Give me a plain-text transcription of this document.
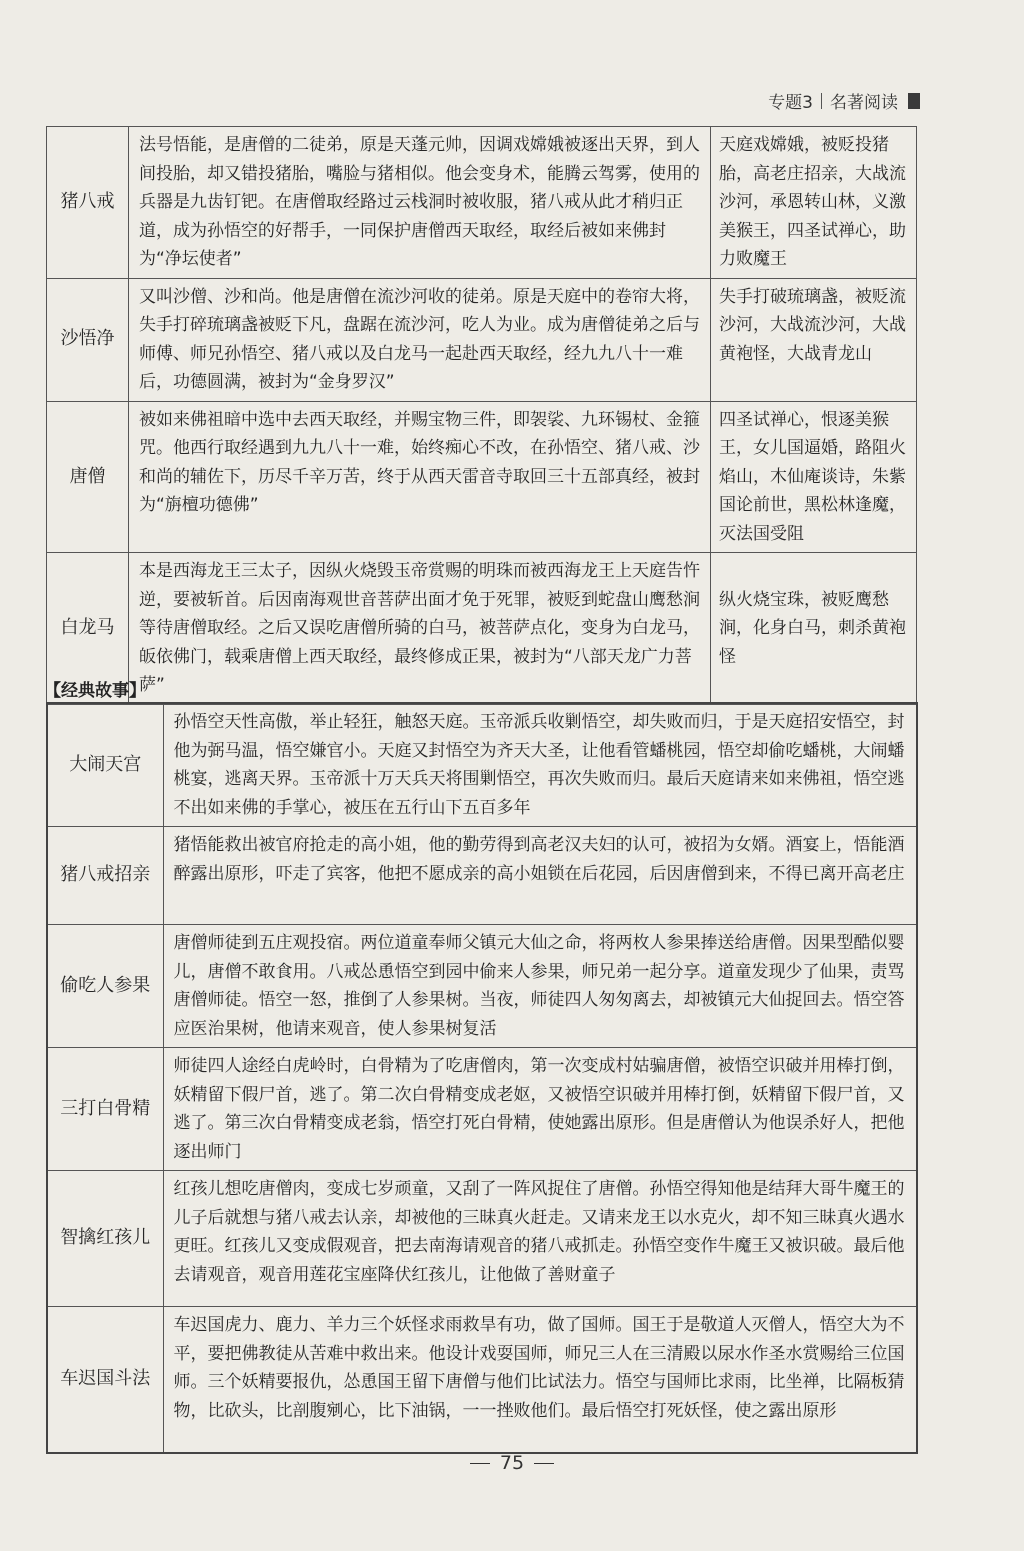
专题3 名著阅读
猪八戒	法号悟能，是唐僧的二徒弟，原是天蓬元帅，因调戏嫦娥被逐出天界，到人间投胎，却又错投猪胎，嘴脸与猪相似。他会变身术，能腾云驾雾，使用的兵器是九齿钉钯。在唐僧取经路过云栈洞时被收服，猪八戒从此才稍归正道，成为孙悟空的好帮手，一同保护唐僧西天取经，取经后被如来佛封为“净坛使者”	天庭戏嫦娥，被贬投猪胎，高老庄招亲，大战流沙河，承恩转山林，义激美猴王，四圣试禅心，助力败魔王
沙悟净	又叫沙僧、沙和尚。他是唐僧在流沙河收的徒弟。原是天庭中的卷帘大将，失手打碎琉璃盏被贬下凡，盘踞在流沙河，吃人为业。成为唐僧徒弟之后与师傅、师兄孙悟空、猪八戒以及白龙马一起赴西天取经，经九九八十一难后，功德圆满，被封为“金身罗汉”	失手打破琉璃盏，被贬流沙河，大战流沙河，大战黄袍怪，大战青龙山
唐僧	被如来佛祖暗中选中去西天取经，并赐宝物三件，即袈裟、九环锡杖、金箍咒。他西行取经遇到九九八十一难，始终痴心不改，在孙悟空、猪八戒、沙和尚的辅佐下，历尽千辛万苦，终于从西天雷音寺取回三十五部真经，被封为“旃檀功德佛”	四圣试禅心，恨逐美猴王，女儿国逼婚，路阻火焰山，木仙庵谈诗，朱紫国论前世，黑松林逢魔，灭法国受阻
白龙马	本是西海龙王三太子，因纵火烧毁玉帝赏赐的明珠而被西海龙王上天庭告忤逆，要被斩首。后因南海观世音菩萨出面才免于死罪，被贬到蛇盘山鹰愁涧等待唐僧取经。之后又误吃唐僧所骑的白马，被菩萨点化，变身为白龙马，皈依佛门，载乘唐僧上西天取经，最终修成正果，被封为“八部天龙广力菩萨”	纵火烧宝珠，被贬鹰愁涧，化身白马，刺杀黄袍怪
【经典故事】
大闹天宫	孙悟空天性高傲，举止轻狂，触怒天庭。玉帝派兵收剿悟空，却失败而归，于是天庭招安悟空，封他为弼马温，悟空嫌官小。天庭又封悟空为齐天大圣，让他看管蟠桃园，悟空却偷吃蟠桃，大闹蟠桃宴，逃离天界。玉帝派十万天兵天将围剿悟空，再次失败而归。最后天庭请来如来佛祖，悟空逃不出如来佛的手掌心，被压在五行山下五百多年
猪八戒招亲	猪悟能救出被官府抢走的高小姐，他的勤劳得到高老汉夫妇的认可，被招为女婿。酒宴上，悟能酒醉露出原形，吓走了宾客，他把不愿成亲的高小姐锁在后花园，后因唐僧到来，不得已离开高老庄
偷吃人参果	唐僧师徒到五庄观投宿。两位道童奉师父镇元大仙之命，将两枚人参果捧送给唐僧。因果型酷似婴儿，唐僧不敢食用。八戒怂恿悟空到园中偷来人参果，师兄弟一起分享。道童发现少了仙果，责骂唐僧师徒。悟空一怒，推倒了人参果树。当夜，师徒四人匆匆离去，却被镇元大仙捉回去。悟空答应医治果树，他请来观音，使人参果树复活
三打白骨精	师徒四人途经白虎岭时，白骨精为了吃唐僧肉，第一次变成村姑骗唐僧，被悟空识破并用棒打倒，妖精留下假尸首，逃了。第二次白骨精变成老妪，又被悟空识破并用棒打倒，妖精留下假尸首，又逃了。第三次白骨精变成老翁，悟空打死白骨精，使她露出原形。但是唐僧认为他误杀好人，把他逐出师门
智擒红孩儿	红孩儿想吃唐僧肉，变成七岁顽童，又刮了一阵风捉住了唐僧。孙悟空得知他是结拜大哥牛魔王的儿子后就想与猪八戒去认亲，却被他的三昧真火赶走。又请来龙王以水克火，却不知三昧真火遇水更旺。红孩儿又变成假观音，把去南海请观音的猪八戒抓走。孙悟空变作牛魔王又被识破。最后他去请观音，观音用莲花宝座降伏红孩儿，让他做了善财童子
车迟国斗法	车迟国虎力、鹿力、羊力三个妖怪求雨救旱有功，做了国师。国王于是敬道人灭僧人，悟空大为不平，要把佛教徒从苦难中救出来。他设计戏耍国师，师兄三人在三清殿以尿水作圣水赏赐给三位国师。三个妖精要报仇，怂恿国王留下唐僧与他们比试法力。悟空与国师比求雨，比坐禅，比隔板猜物，比砍头，比剖腹剜心，比下油锅，一一挫败他们。最后悟空打死妖怪，使之露出原形
75
